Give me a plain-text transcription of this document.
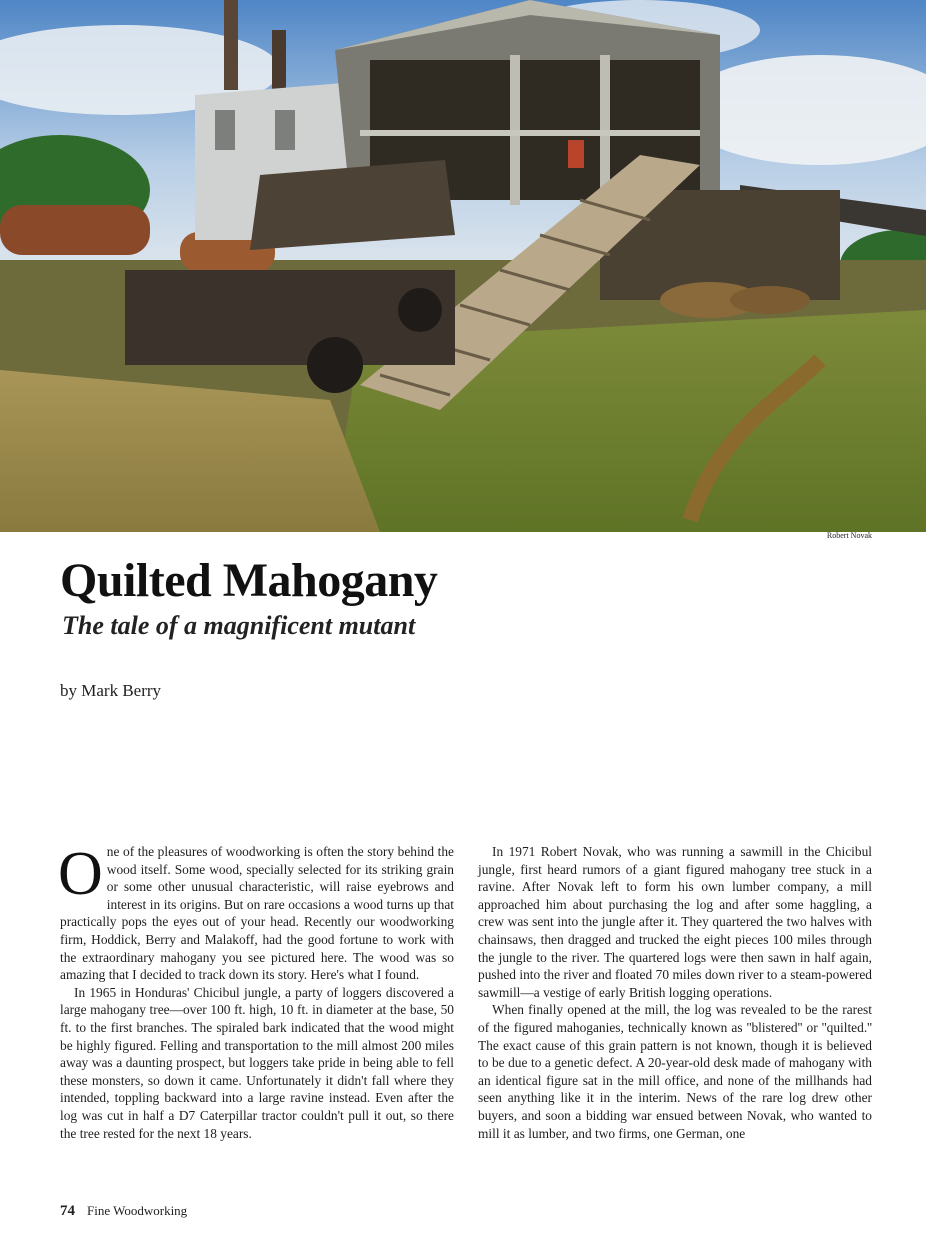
Robert Novak
Quilted Mahogany
The tale of a magnificent mutant
by Mark Berry

One of the pleasures of woodworking is often the story behind the wood itself. Some wood, specially selected for its striking grain or some other unusual characteristic, will raise eyebrows and interest in its origins. But on rare occasions a wood turns up that practically pops the eyes out of your head. Recently our woodworking firm, Hoddick, Berry and Malakoff, had the good fortune to work with the extraordinary mahogany you see pictured here. The wood was so amazing that I decided to track down its story. Here's what I found.

In 1965 in Honduras' Chicibul jungle, a party of loggers discovered a large mahogany tree—over 100 ft. high, 10 ft. in diameter at the base, 50 ft. to the first branches. The spiraled bark indicated that the wood might be highly figured. Felling and transportation to the mill almost 200 miles away was a daunting prospect, but loggers take pride in being able to fell these monsters, so down it came. Unfortunately it didn't fall where they intended, toppling backward into a large ravine instead. Even after the log was cut in half a D7 Caterpillar tractor couldn't pull it out, so there the tree rested for the next 18 years.

In 1971 Robert Novak, who was running a sawmill in the Chicibul jungle, first heard rumors of a giant figured mahogany tree stuck in a ravine. After Novak left to form his own lumber company, a mill approached him about purchasing the log and after some haggling, a crew was sent into the jungle after it. They quartered the two halves with chainsaws, then dragged and trucked the eight pieces 100 miles through the jungle to the river. The quartered logs were then sawn in half again, pushed into the river and floated 70 miles down river to a steam-powered sawmill—a vestige of early British logging operations.

When finally opened at the mill, the log was revealed to be the rarest of the figured mahoganies, technically known as ''blistered'' or ''quilted.'' The exact cause of this grain pattern is not known, though it is believed to be due to a genetic defect. A 20-year-old desk made of mahogany with an identical figure sat in the mill office, and none of the millhands had seen anything like it in the interim. News of the rare log drew other buyers, and soon a bidding war ensued between Novak, who wanted to mill it as lumber, and two firms, one German, one

74 Fine Woodworking
